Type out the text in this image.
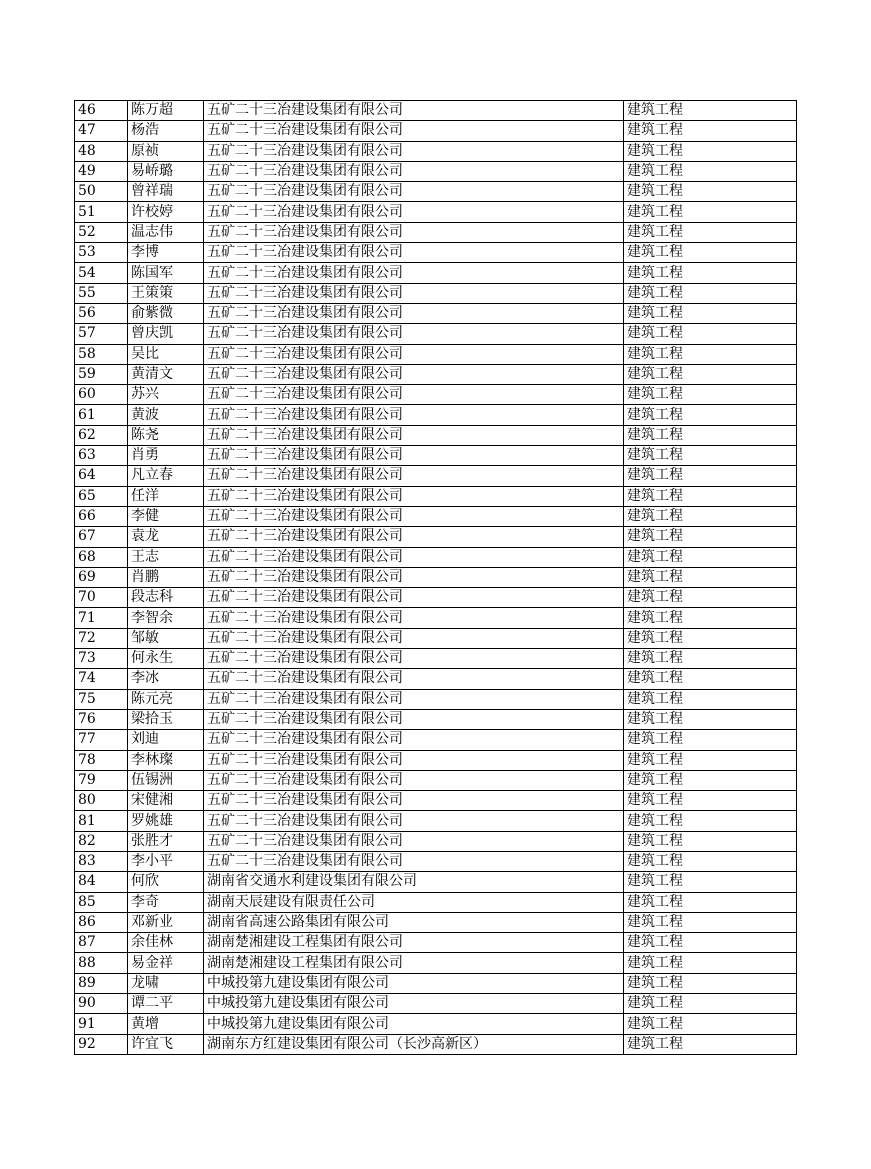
46	陈万超	五矿二十三冶建设集团有限公司	建筑工程
47	杨浩	五矿二十三冶建设集团有限公司	建筑工程
48	原祯	五矿二十三冶建设集团有限公司	建筑工程
49	易峤璐	五矿二十三冶建设集团有限公司	建筑工程
50	曾祥瑞	五矿二十三冶建设集团有限公司	建筑工程
51	许校婷	五矿二十三冶建设集团有限公司	建筑工程
52	温志伟	五矿二十三冶建设集团有限公司	建筑工程
53	李博	五矿二十三冶建设集团有限公司	建筑工程
54	陈国军	五矿二十三冶建设集团有限公司	建筑工程
55	王策策	五矿二十三冶建设集团有限公司	建筑工程
56	俞紫微	五矿二十三冶建设集团有限公司	建筑工程
57	曾庆凯	五矿二十三冶建设集团有限公司	建筑工程
58	吴比	五矿二十三冶建设集团有限公司	建筑工程
59	黄清文	五矿二十三冶建设集团有限公司	建筑工程
60	苏兴	五矿二十三冶建设集团有限公司	建筑工程
61	黄波	五矿二十三冶建设集团有限公司	建筑工程
62	陈尧	五矿二十三冶建设集团有限公司	建筑工程
63	肖勇	五矿二十三冶建设集团有限公司	建筑工程
64	凡立春	五矿二十三冶建设集团有限公司	建筑工程
65	任洋	五矿二十三冶建设集团有限公司	建筑工程
66	李健	五矿二十三冶建设集团有限公司	建筑工程
67	袁龙	五矿二十三冶建设集团有限公司	建筑工程
68	王志	五矿二十三冶建设集团有限公司	建筑工程
69	肖鹏	五矿二十三冶建设集团有限公司	建筑工程
70	段志科	五矿二十三冶建设集团有限公司	建筑工程
71	李智余	五矿二十三冶建设集团有限公司	建筑工程
72	邹敏	五矿二十三冶建设集团有限公司	建筑工程
73	何永生	五矿二十三冶建设集团有限公司	建筑工程
74	李冰	五矿二十三冶建设集团有限公司	建筑工程
75	陈元亮	五矿二十三冶建设集团有限公司	建筑工程
76	梁拾玉	五矿二十三冶建设集团有限公司	建筑工程
77	刘迪	五矿二十三冶建设集团有限公司	建筑工程
78	李林璨	五矿二十三冶建设集团有限公司	建筑工程
79	伍锡洲	五矿二十三冶建设集团有限公司	建筑工程
80	宋健湘	五矿二十三冶建设集团有限公司	建筑工程
81	罗姚雄	五矿二十三冶建设集团有限公司	建筑工程
82	张胜才	五矿二十三冶建设集团有限公司	建筑工程
83	李小平	五矿二十三冶建设集团有限公司	建筑工程
84	何欣	湖南省交通水利建设集团有限公司	建筑工程
85	李奇	湖南天辰建设有限责任公司	建筑工程
86	邓新业	湖南省高速公路集团有限公司	建筑工程
87	余佳林	湖南楚湘建设工程集团有限公司	建筑工程
88	易金祥	湖南楚湘建设工程集团有限公司	建筑工程
89	龙啸	中城投第九建设集团有限公司	建筑工程
90	谭二平	中城投第九建设集团有限公司	建筑工程
91	黄增	中城投第九建设集团有限公司	建筑工程
92	许宜飞	湖南东方红建设集团有限公司（长沙高新区）	建筑工程
